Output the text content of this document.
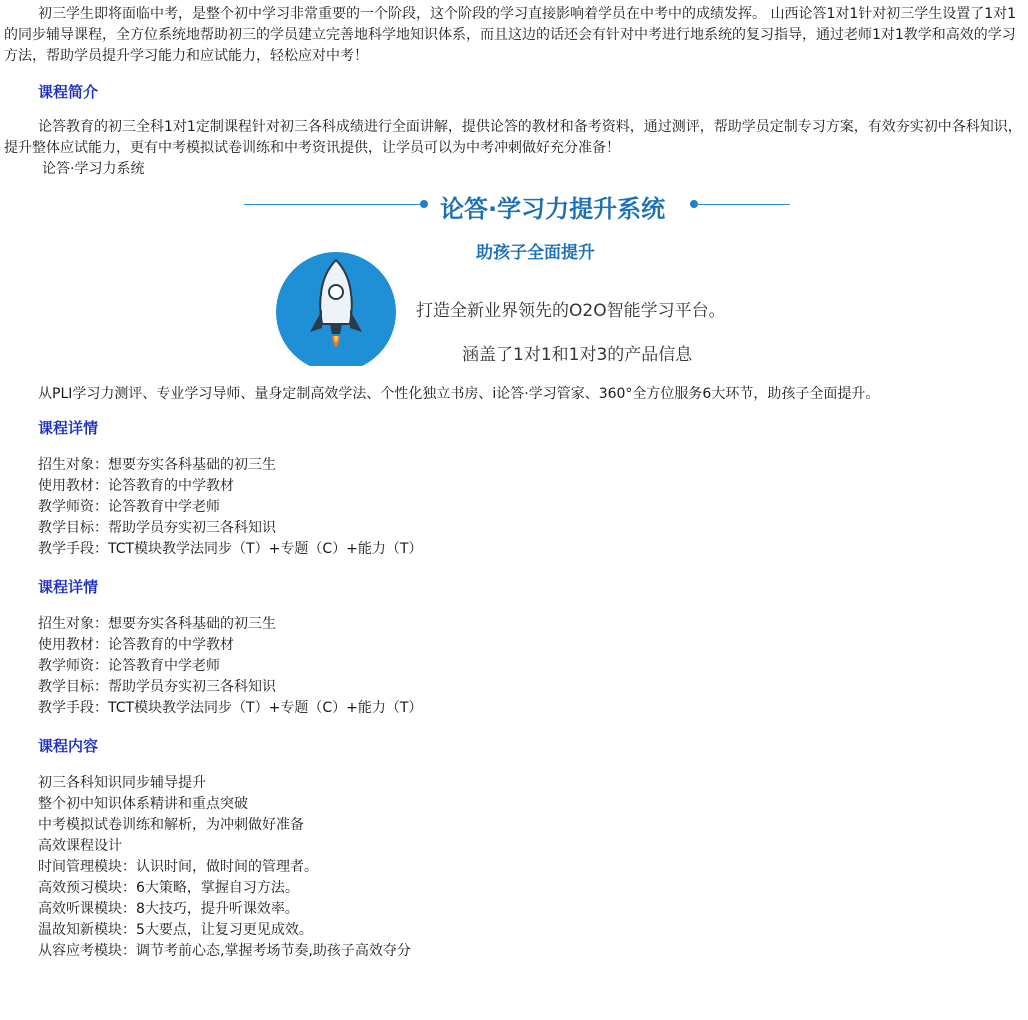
初三学生即将面临中考，是整个初中学习非常重要的一个阶段，这个阶段的学习直接影响着学员在中考中的成绩发挥。 山西论答1对1针对初三学生设置了1对1的同步辅导课程，全方位系统地帮助初三的学员建立完善地科学地知识体系，而且这边的话还会有针对中考进行地系统的复习指导，通过老师1对1教学和高效的学习方法，帮助学员提升学习能力和应试能力，轻松应对中考！

课程简介

论答教育的初三全科1对1定制课程针对初三各科成绩进行全面讲解，提供论答的教材和备考资料，通过测评，帮助学员定制专习方案，有效夯实初中各科知识，提升整体应试能力，更有中考模拟试卷训练和中考资讯提供，让学员可以为中考冲刺做好充分准备！

论答·学习力系统

论答·学习力提升系统
助孩子全面提升
打造全新业界领先的O2O智能学习平台。
涵盖了1对1和1对3的产品信息

从PLI学习力测评、专业学习导师、量身定制高效学法、个性化独立书房、i论答·学习管家、360°全方位服务6大环节，助孩子全面提升。

课程详情

招生对象：想要夯实各科基础的初三生

使用教材：论答教育的中学教材

教学师资：论答教育中学老师

教学目标：帮助学员夯实初三各科知识

教学手段：TCT模块教学法同步（T）+专题（C）+能力（T）

课程详情

招生对象：想要夯实各科基础的初三生

使用教材：论答教育的中学教材

教学师资：论答教育中学老师

教学目标：帮助学员夯实初三各科知识

教学手段：TCT模块教学法同步（T）+专题（C）+能力（T）

课程内容

初三各科知识同步辅导提升

整个初中知识体系精讲和重点突破

中考模拟试卷训练和解析，为冲刺做好准备

高效课程设计

时间管理模块：认识时间，做时间的管理者。

高效预习模块：6大策略，掌握自习方法。

高效听课模块：8大技巧，提升听课效率。

温故知新模块：5大要点，让复习更见成效。

从容应考模块：调节考前心态,掌握考场节奏,助孩子高效夺分
